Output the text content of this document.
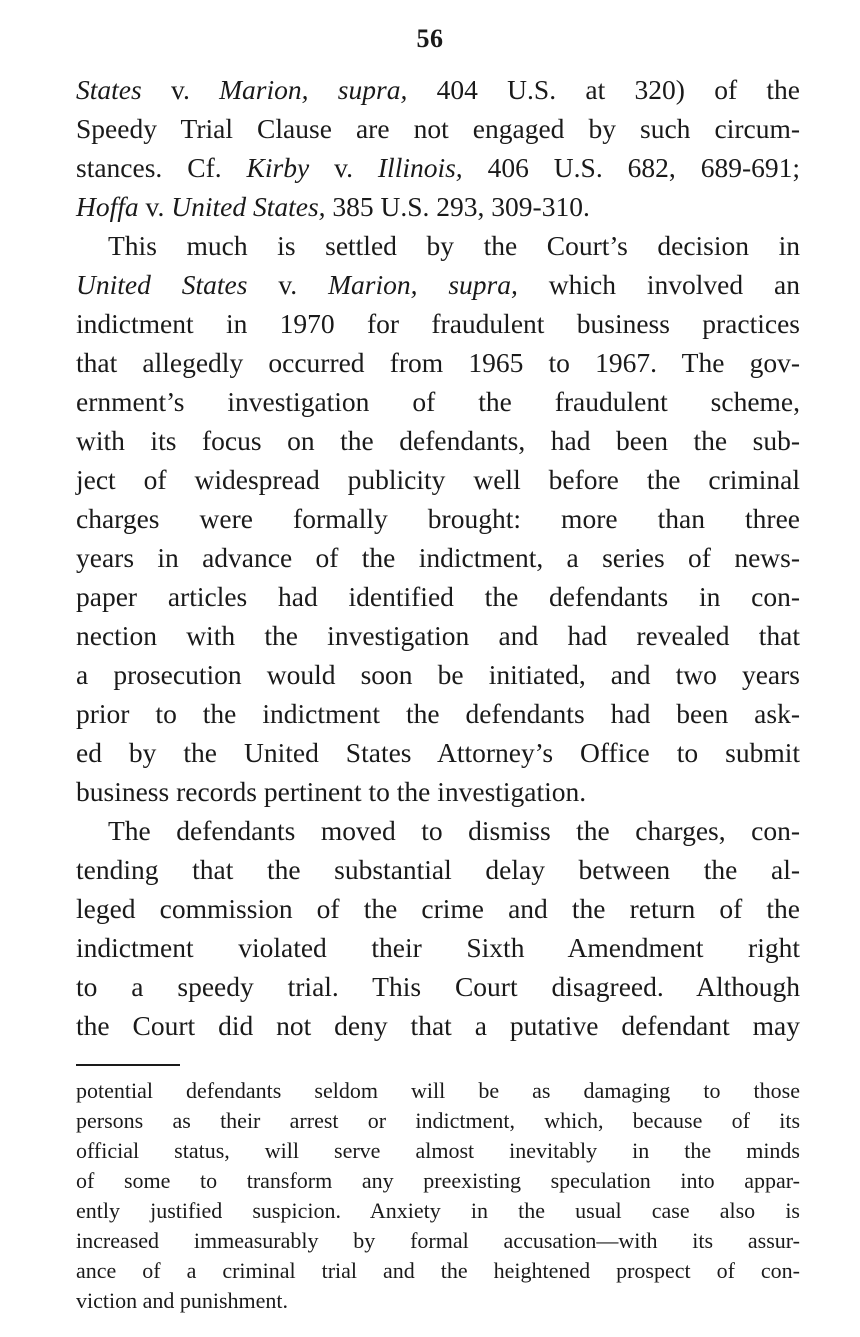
56
States v. Marion, supra, 404 U.S. at 320) of the
Speedy Trial Clause are not engaged by such circum-
stances. Cf. Kirby v. Illinois, 406 U.S. 682, 689-691;
Hoffa v. United States, 385 U.S. 293, 309-310.
This much is settled by the Court’s decision in
United States v. Marion, supra, which involved an
indictment in 1970 for fraudulent business practices
that allegedly occurred from 1965 to 1967. The gov-
ernment’s investigation of the fraudulent scheme,
with its focus on the defendants, had been the sub-
ject of widespread publicity well before the criminal
charges were formally brought: more than three
years in advance of the indictment, a series of news-
paper articles had identified the defendants in con-
nection with the investigation and had revealed that
a prosecution would soon be initiated, and two years
prior to the indictment the defendants had been ask-
ed by the United States Attorney’s Office to submit
business records pertinent to the investigation.
The defendants moved to dismiss the charges, con-
tending that the substantial delay between the al-
leged commission of the crime and the return of the
indictment violated their Sixth Amendment right
to a speedy trial. This Court disagreed. Although
the Court did not deny that a putative defendant may
potential defendants seldom will be as damaging to those
persons as their arrest or indictment, which, because of its
official status, will serve almost inevitably in the minds
of some to transform any preexisting speculation into appar-
ently justified suspicion. Anxiety in the usual case also is
increased immeasurably by formal accusation—with its assur-
ance of a criminal trial and the heightened prospect of con-
viction and punishment.
